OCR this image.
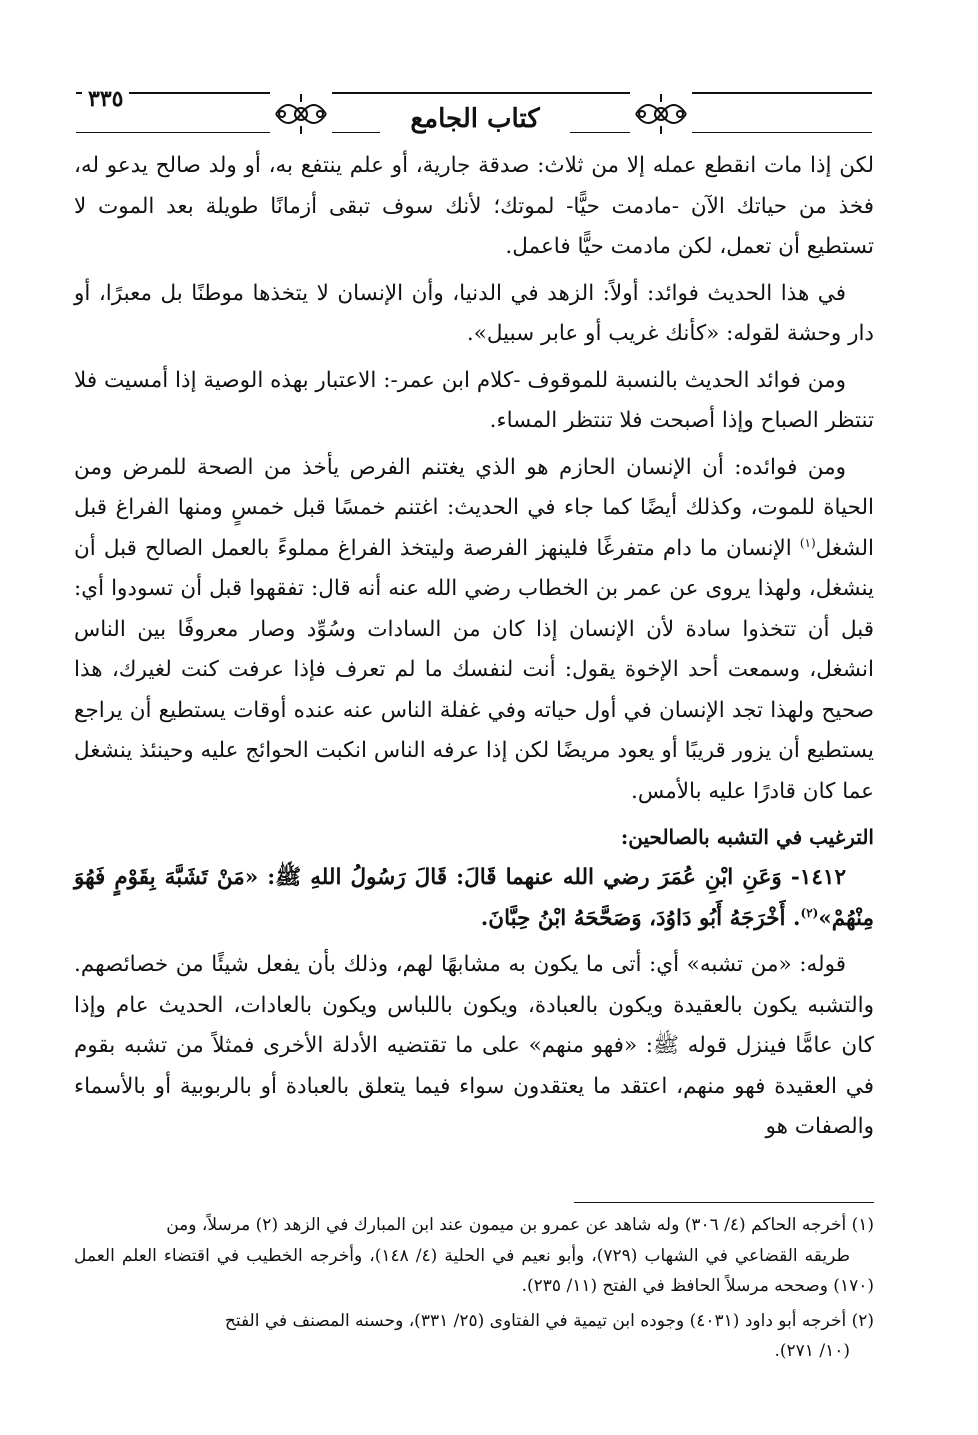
٣٣٥
كتاب الجامع

لكن إذا مات انقطع عمله إلا من ثلاث: صدقة جارية، أو علم ينتفع به، أو ولد صالح يدعو له، فخذ من حياتك الآن -مادمت حيًّا- لموتك؛ لأنك سوف تبقى أزمانًا طويلة بعد الموت لا تستطيع أن تعمل، لكن مادمت حيًّا فاعمل.

في هذا الحديث فوائد: أولاً: الزهد في الدنيا، وأن الإنسان لا يتخذها موطنًا بل معبرًا، أو دار وحشة لقوله: «كأنك غريب أو عابر سبيل».

ومن فوائد الحديث بالنسبة للموقوف -كلام ابن عمر-: الاعتبار بهذه الوصية إذا أمسيت فلا تنتظر الصباح وإذا أصبحت فلا تنتظر المساء.

ومن فوائده: أن الإنسان الحازم هو الذي يغتنم الفرص يأخذ من الصحة للمرض ومن الحياة للموت، وكذلك أيضًا كما جاء في الحديث: اغتنم خمسًا قبل خمسٍ ومنها الفراغ قبل الشغل$^{(١)}$ الإنسان ما دام متفرغًا فلينهز الفرصة وليتخذ الفراغ مملوءً بالعمل الصالح قبل أن ينشغل، ولهذا يروى عن عمر بن الخطاب رضي الله عنه أنه قال: تفقهوا قبل أن تسودوا أي: قبل أن تتخذوا سادة لأن الإنسان إذا كان من السادات وسُوِّد وصار معروفًا بين الناس انشغل، وسمعت أحد الإخوة يقول: أنت لنفسك ما لم تعرف فإذا عرفت كنت لغيرك، هذا صحيح ولهذا تجد الإنسان في أول حياته وفي غفلة الناس عنه عنده أوقات يستطيع أن يراجع يستطيع أن يزور قريبًا أو يعود مريضًا لكن إذا عرفه الناس انكبت الحوائج عليه وحينئذ ينشغل عما كان قادرًا عليه بالأمس.

الترغيب في التشبه بالصالحين:

١٤١٢- وَعَنِ ابْنِ عُمَرَ رضي الله عنهما قَالَ: قَالَ رَسُولُ اللهِ ﷺ: «مَنْ تَشَبَّهَ بِقَوْمٍ فَهُوَ مِنْهُمْ»$^{(٢)}$. أَخْرَجَهُ أَبُو دَاوُدَ، وَصَحَّحَهُ ابْنُ حِبَّانَ.

قوله: «من تشبه» أي: أتى ما يكون به مشابهًا لهم، وذلك بأن يفعل شيئًا من خصائصهم. والتشبه يكون بالعقيدة ويكون بالعبادة، ويكون باللباس ويكون بالعادات، الحديث عام وإذا كان عامًّا فينزل قوله ﷺ: «فهو منهم» على ما تقتضيه الأدلة الأخرى فمثلاً من تشبه بقوم في العقيدة فهو منهم، اعتقد ما يعتقدون سواء فيما يتعلق بالعبادة أو بالربوبية أو بالأسماء والصفات هو

(١) أخرجه الحاكم (٤/ ٣٠٦) وله شاهد عن عمرو بن ميمون عند ابن المبارك في الزهد (٢) مرسلاً، ومن
طريقه القضاعي في الشهاب (٧٢٩)، وأبو نعيم في الحلية (٤/ ١٤٨)، وأخرجه الخطيب في اقتضاء العلم العمل (١٧٠) وصححه مرسلاً الحافظ في الفتح (١١/ ٢٣٥).

(٢) أخرجه أبو داود (٤٠٣١) وجوده ابن تيمية في الفتاوى (٢٥/ ٣٣١)، وحسنه المصنف في الفتح
(١٠/ ٢٧١).
